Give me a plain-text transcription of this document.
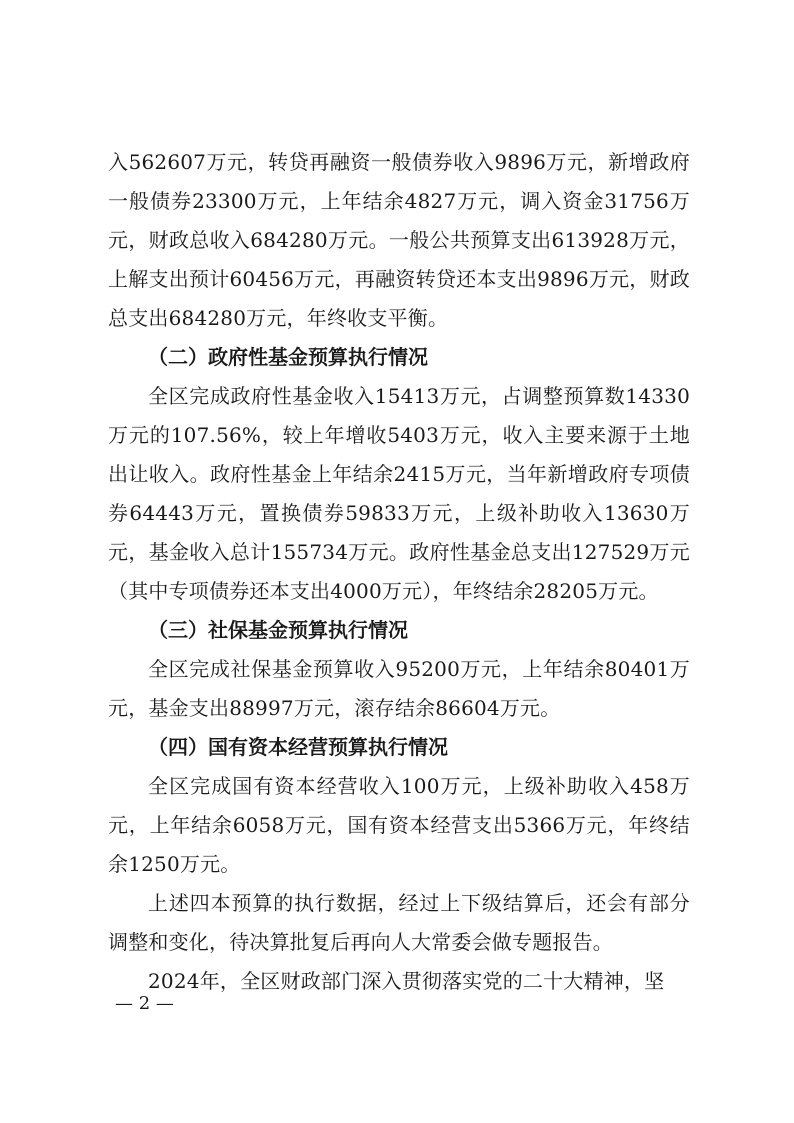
入562607万元，转贷再融资一般债券收入9896万元，新增政府一般债券23300万元，上年结余4827万元，调入资金31756万元，财政总收入684280万元。一般公共预算支出613928万元，上解支出预计60456万元，再融资转贷还本支出9896万元，财政总支出684280万元，年终收支平衡。

（二）政府性基金预算执行情况

全区完成政府性基金收入15413万元，占调整预算数14330万元的107.56%，较上年增收5403万元，收入主要来源于土地出让收入。政府性基金上年结余2415万元，当年新增政府专项债券64443万元，置换债券59833万元，上级补助收入13630万元，基金收入总计155734万元。政府性基金总支出127529万元（其中专项债券还本支出4000万元），年终结余28205万元。

（三）社保基金预算执行情况

全区完成社保基金预算收入95200万元，上年结余80401万元，基金支出88997万元，滚存结余86604万元。

（四）国有资本经营预算执行情况

全区完成国有资本经营收入100万元，上级补助收入458万元，上年结余6058万元，国有资本经营支出5366万元，年终结余1250万元。

上述四本预算的执行数据，经过上下级结算后，还会有部分调整和变化，待决算批复后再向人大常委会做专题报告。

2024年，全区财政部门深入贯彻落实党的二十大精神，坚

— 2 —
